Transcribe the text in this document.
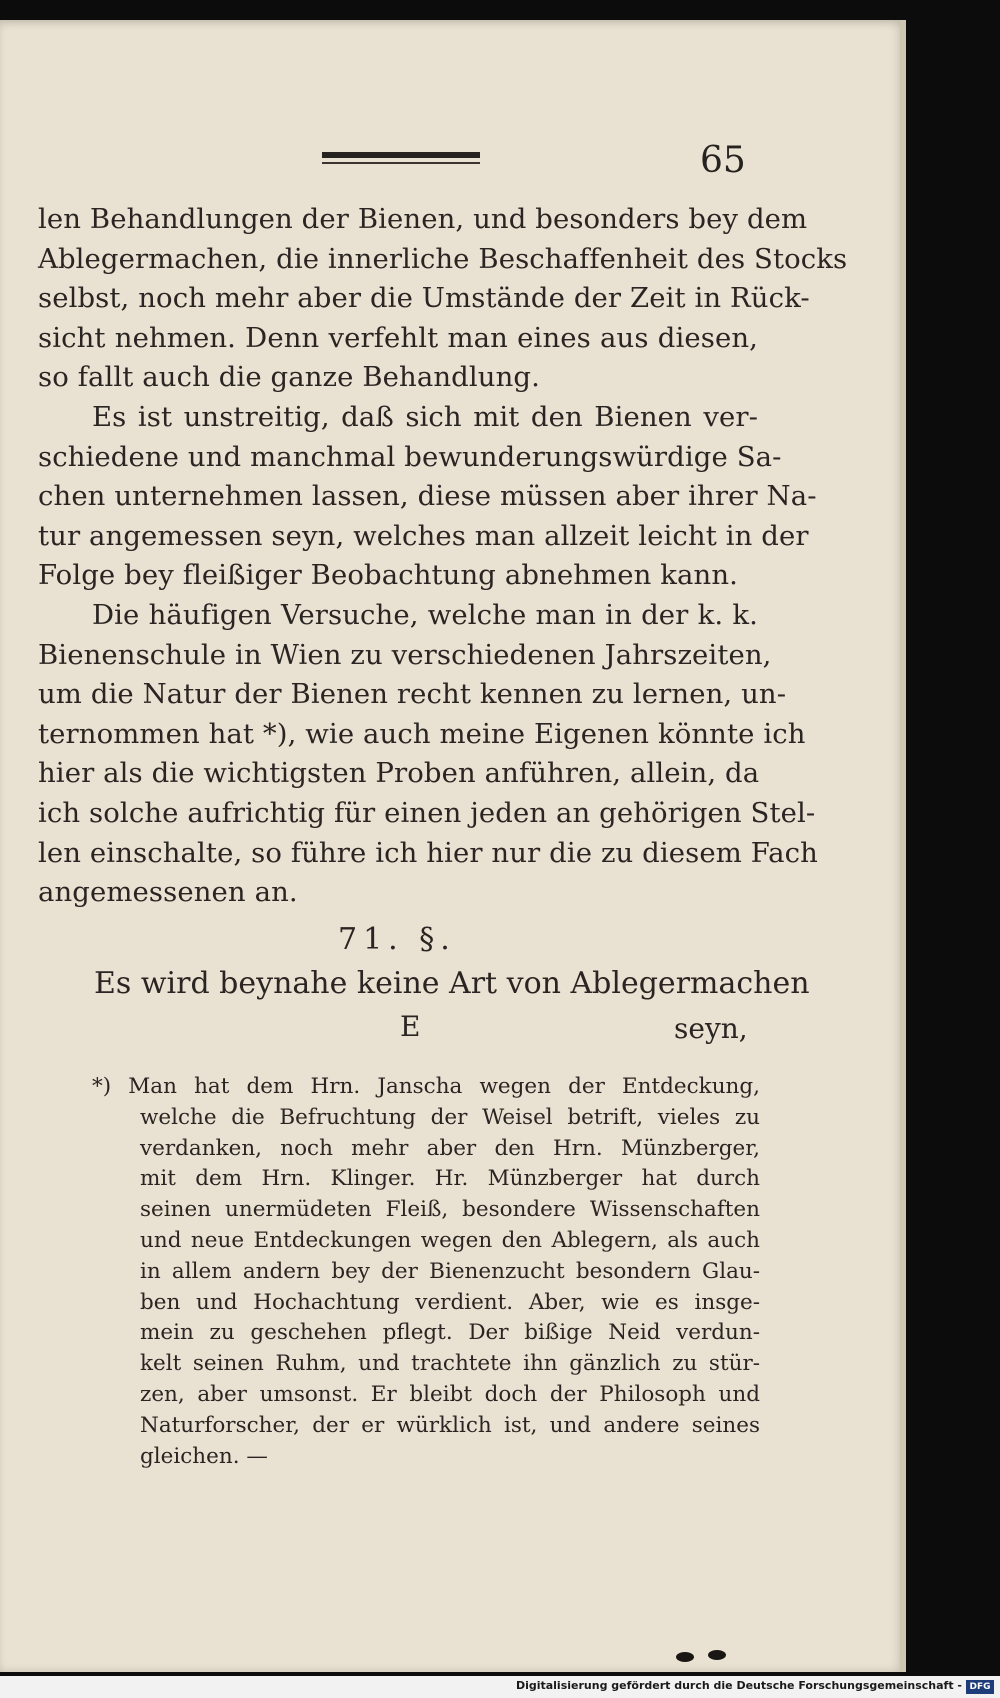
65
len Behandlungen der Bienen, und besonders bey dem
Ablegermachen, die innerliche Beschaffenheit des Stocks
selbst, noch mehr aber die Umstände der Zeit in Rück-
sicht nehmen. Denn verfehlt man eines aus diesen,
so fallt auch die ganze Behandlung.
Es ist unstreitig, daß sich mit den Bienen ver-
schiedene und manchmal bewunderungswürdige Sa-
chen unternehmen lassen, diese müssen aber ihrer Na-
tur angemessen seyn, welches man allzeit leicht in der
Folge bey fleißiger Beobachtung abnehmen kann.
Die häufigen Versuche, welche man in der k. k.
Bienenschule in Wien zu verschiedenen Jahrszeiten,
um die Natur der Bienen recht kennen zu lernen, un-
ternommen hat *), wie auch meine Eigenen könnte ich
hier als die wichtigsten Proben anführen, allein, da
ich solche aufrichtig für einen jeden an gehörigen Stel-
len einschalte, so führe ich hier nur die zu diesem Fach
angemessenen an.
71. §.
Es wird beynahe keine Art von Ablegermachen
E	seyn,
*) Man hat dem Hrn. Janscha wegen der Entdeckung,
welche die Befruchtung der Weisel betrift, vieles zu
verdanken, noch mehr aber den Hrn. Münzberger,
mit dem Hrn. Klinger. Hr. Münzberger hat durch
seinen unermüdeten Fleiß, besondere Wissenschaften
und neue Entdeckungen wegen den Ablegern, als auch
in allem andern bey der Bienenzucht besondern Glau-
ben und Hochachtung verdient. Aber, wie es insge-
mein zu geschehen pflegt. Der bißige Neid verdun-
kelt seinen Ruhm, und trachtete ihn gänzlich zu stür-
zen, aber umsonst. Er bleibt doch der Philosoph und
Naturforscher, der er würklich ist, und andere seines
gleichen. —
Digitalisierung gefördert durch die Deutsche Forschungsgemeinschaft - DFG
